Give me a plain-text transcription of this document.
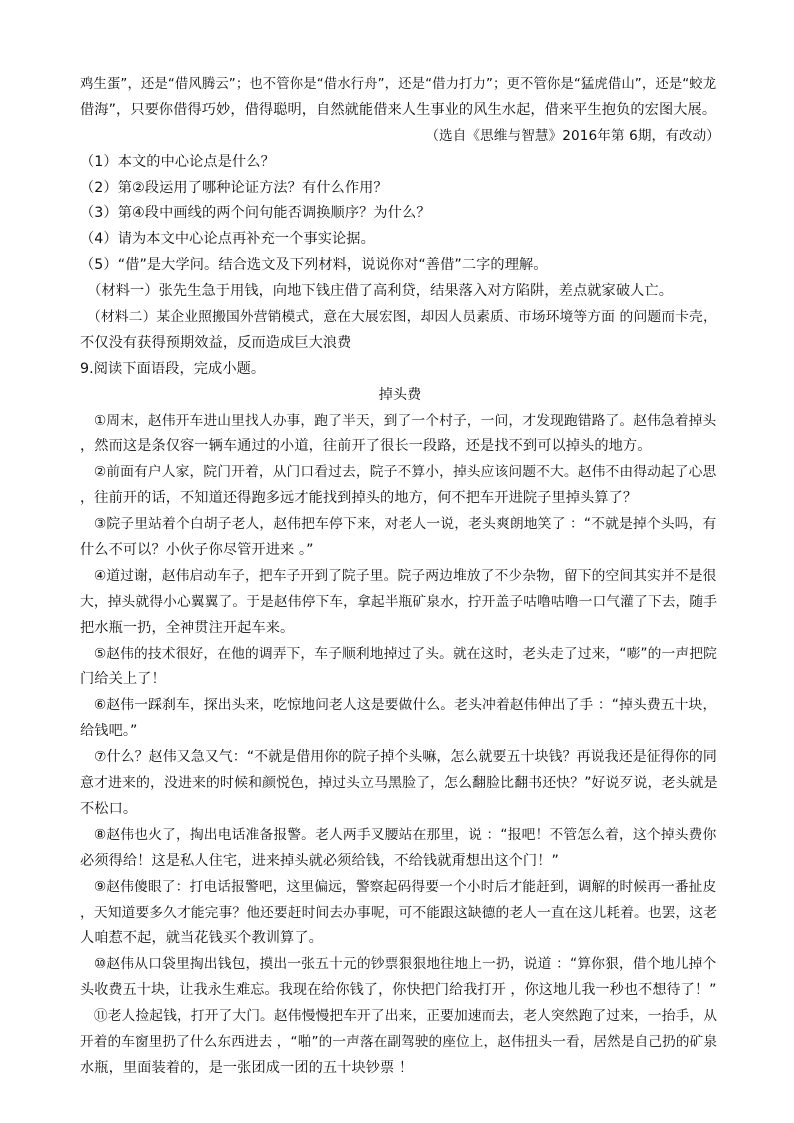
鸡生蛋”，还是“借风腾云”；也不管你是“借水行舟”，还是“借力打力”；更不管你是“猛虎借山”，还是“蛟龙
借海”，只要你借得巧妙，借得聪明，自然就能借来人生事业的风生水起，借来平生抱负的宏图大展。
（选自《思维与智慧》2016年第 6期，有改动）
（1）本文的中心论点是什么？
（2）第②段运用了哪种论证方法？有什么作用？
（3）第④段中画线的两个问句能否调换顺序？为什么？
（4）请为本文中心论点再补充一个事实论据。
（5）“借”是大学问。结合选文及下列材料，说说你对“善借”二字的理解。
　（材料一）张先生急于用钱，向地下钱庄借了高利贷，结果落入对方陷阱，差点就家破人亡。
　（材料二）某企业照搬国外营销模式，意在大展宏图，却因人员素质、市场环境等方面 的问题而卡壳，
不仅没有获得预期效益，反而造成巨大浪费
9.阅读下面语段，完成小题。
掉头费
　①周末，赵伟开车进山里找人办事，跑了半天，到了一个村子，一问，才发现跑错路了。赵伟急着掉头
，然而这是条仅容一辆车通过的小道，往前开了很长一段路，还是找不到可以掉头的地方。
　②前面有户人家，院门开着，从门口看过去，院子不算小，掉头应该问题不大。赵伟不由得动起了心思
，往前开的话，不知道还得跑多远才能找到掉头的地方，何不把车开进院子里掉头算了？
　③院子里站着个白胡子老人，赵伟把车停下来，对老人一说，老头爽朗地笑了 ：“不就是掉个头吗，有
什么不可以？小伙子你尽管开进来 。”
　④道过谢，赵伟启动车子，把车子开到了院子里。院子两边堆放了不少杂物，留下的空间其实并不是很
大，掉头就得小心翼翼了。于是赵伟停下车，拿起半瓶矿泉水，拧开盖子咕噜咕噜一口气灌了下去，随手
把水瓶一扔，全神贯注开起车来。
　⑤赵伟的技术很好，在他的调弄下，车子顺利地掉过了头。就在这时，老头走了过来，“嘭”的一声把院
门给关上了！
　⑥赵伟一踩刹车，探出头来，吃惊地问老人这是要做什么。老头冲着赵伟伸出了手 ：“掉头费五十块，
给钱吧。”
　⑦什么？赵伟又急又气：“不就是借用你的院子掉个头嘛，怎么就要五十块钱？再说我还是征得你的同
意才进来的，没进来的时候和颜悦色，掉过头立马黑脸了，怎么翻脸比翻书还快？”好说歹说，老头就是
不松口。
　⑧赵伟也火了，掏出电话准备报警。老人两手叉腰站在那里，说 ：“报吧！不管怎么着，这个掉头费你
必须得给！这是私人住宅，进来掉头就必须给钱，不给钱就甭想出这个门！”
　⑨赵伟傻眼了：打电话报警吧，这里偏远，警察起码得要一个小时后才能赶到，调解的时候再一番扯皮
，天知道要多久才能完事？他还要赶时间去办事呢，可不能跟这缺德的老人一直在这儿耗着。也罢，这老
人咱惹不起，就当花钱买个教训算了。
　⑩赵伟从口袋里掏出钱包，摸出一张五十元的钞票狠狠地往地上一扔，说道 ：“算你狠，借个地儿掉个
头收费五十块，让我永生难忘。我现在给你钱了，你快把门给我打开 ，你这地儿我一秒也不想待了！”
　⑪老人捡起钱，打开了大门。赵伟慢慢把车开了出来，正要加速而去，老人突然跑了过来，一抬手，从
开着的车窗里扔了什么东西进去 ，“啪”的一声落在副驾驶的座位上，赵伟扭头一看，居然是自己扔的矿泉
水瓶，里面装着的，是一张团成一团的五十块钞票 ！
